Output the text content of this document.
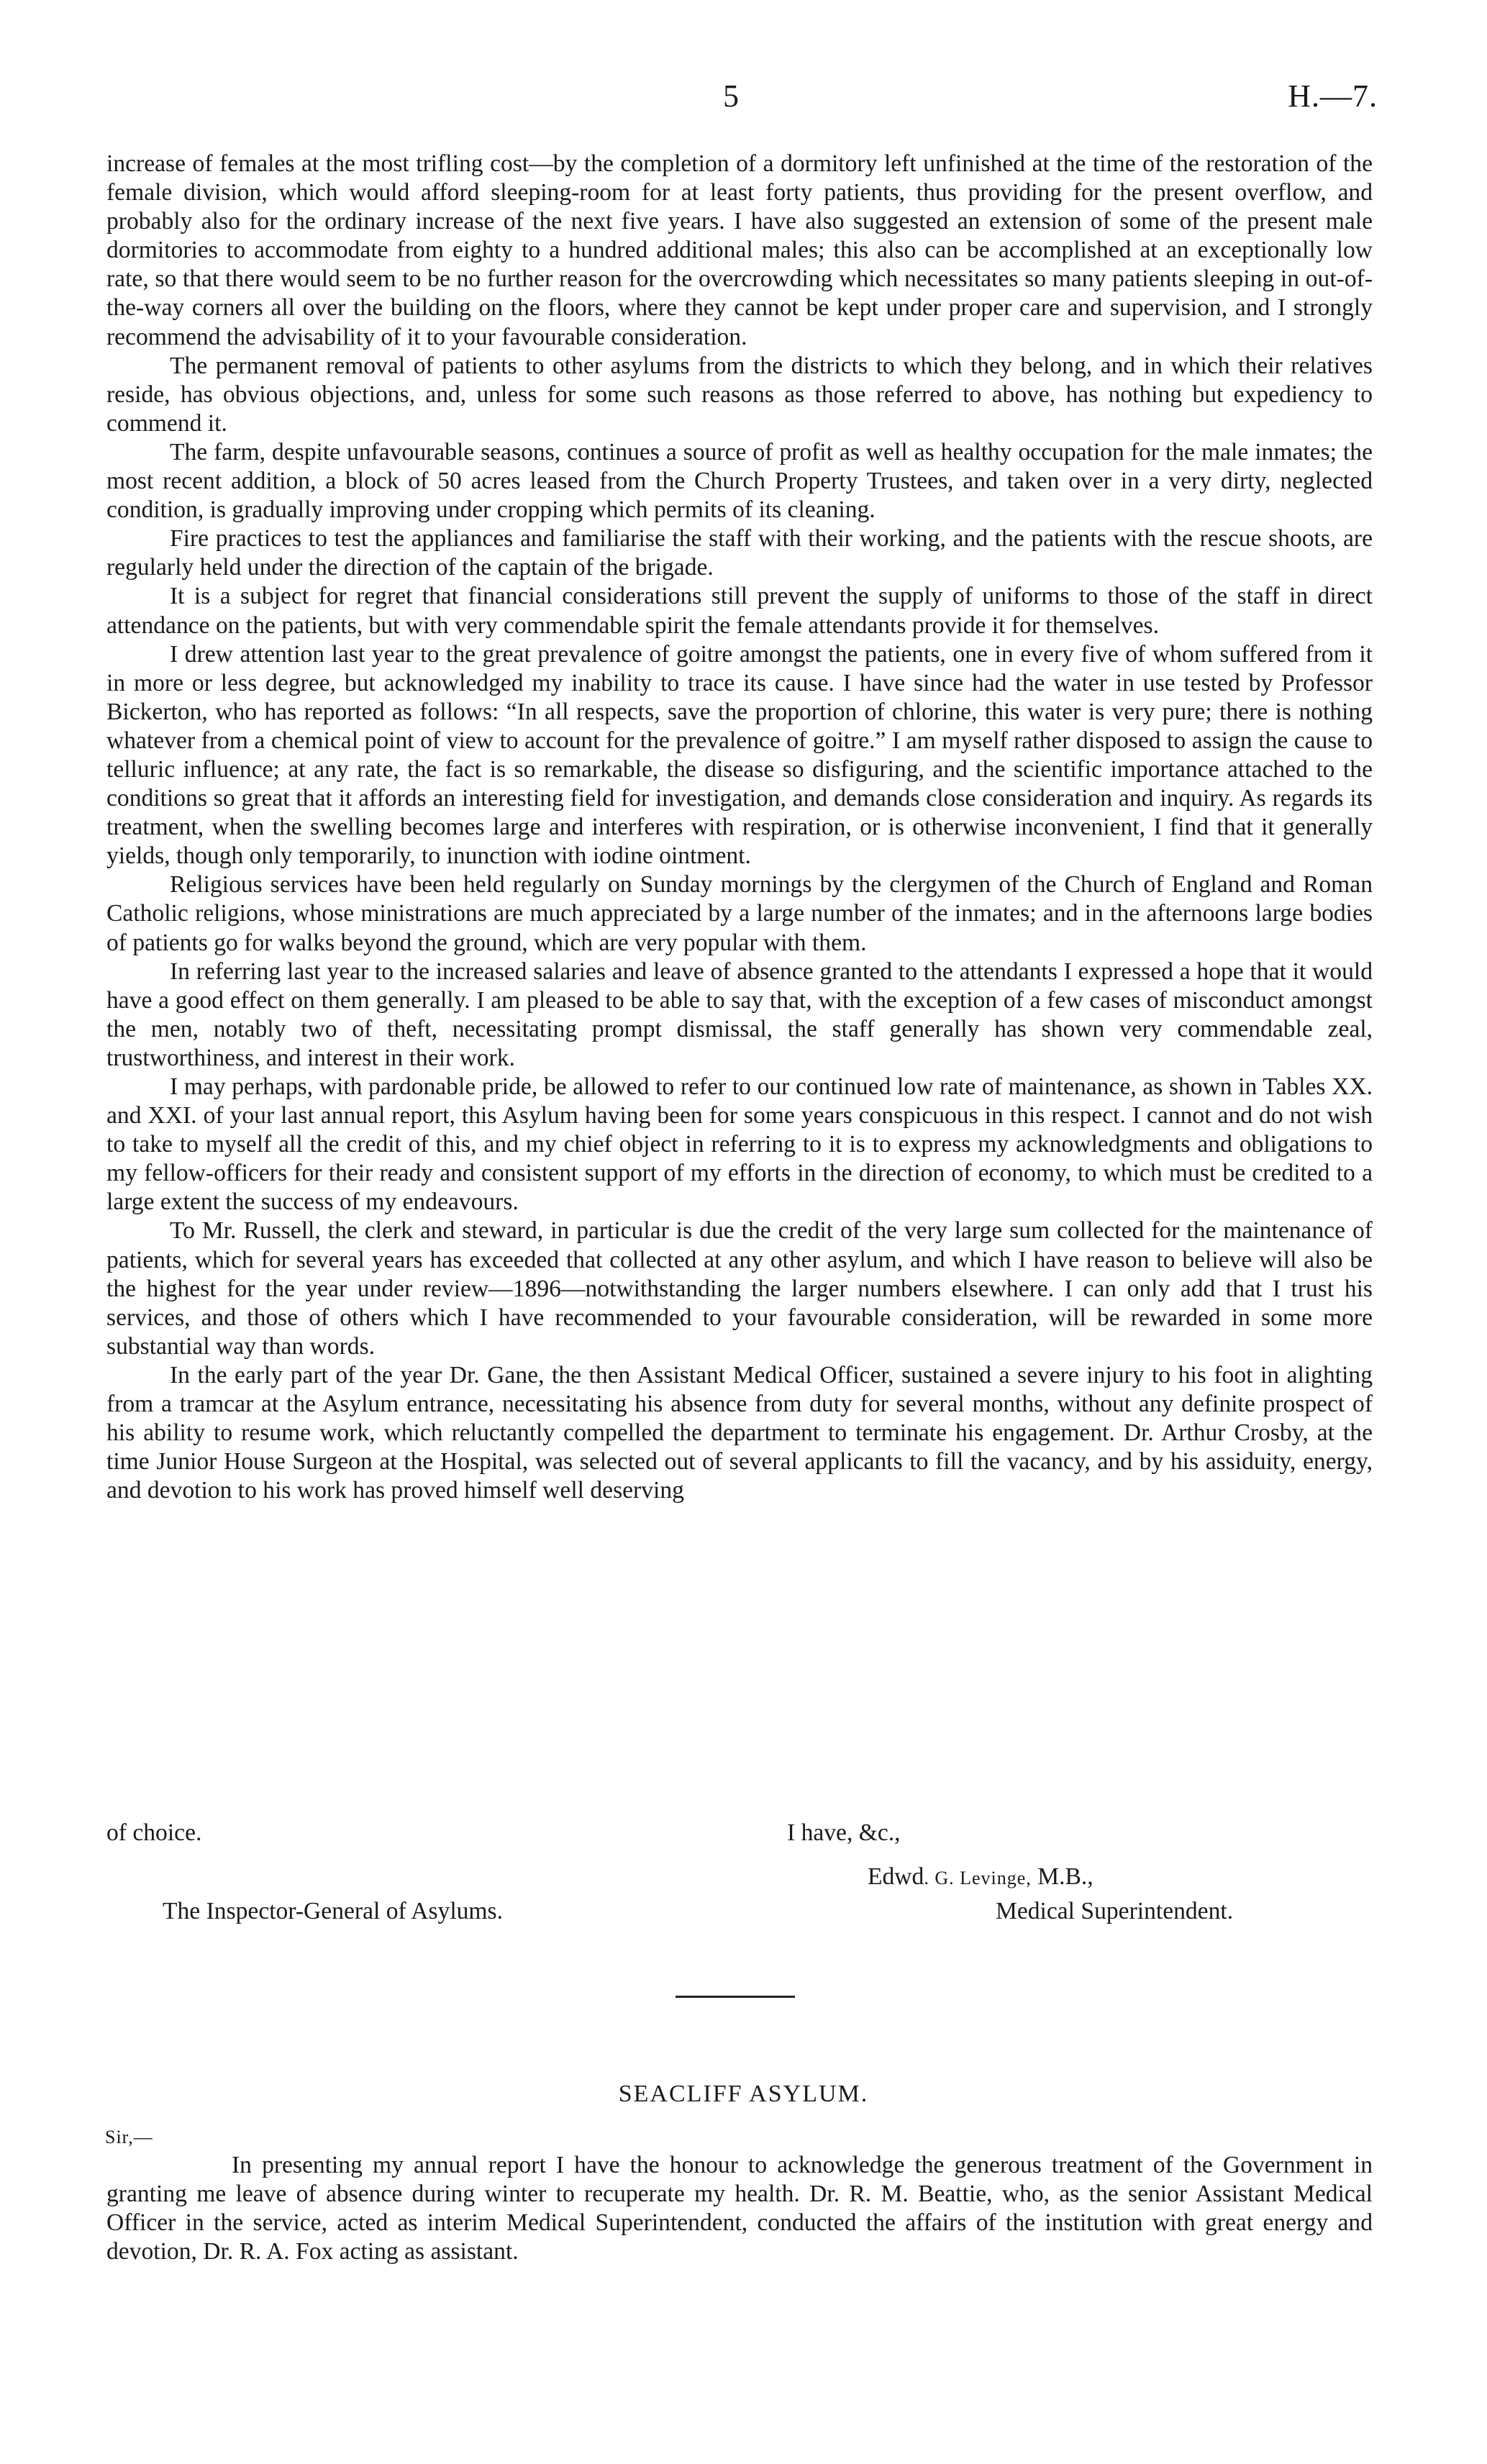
5	H.—7.

increase of females at the most trifling cost—by the completion of a dormitory left unfinished at the time of the restoration of the female division, which would afford sleeping-room for at least forty patients, thus providing for the present overflow, and probably also for the ordinary increase of the next five years. I have also suggested an extension of some of the present male dormitories to accommodate from eighty to a hundred additional males; this also can be accomplished at an exceptionally low rate, so that there would seem to be no further reason for the overcrowding which necessitates so many patients sleeping in out-of-the-way corners all over the building on the floors, where they cannot be kept under proper care and supervision, and I strongly recommend the advisability of it to your favourable consideration.

The permanent removal of patients to other asylums from the districts to which they belong, and in which their relatives reside, has obvious objections, and, unless for some such reasons as those referred to above, has nothing but expediency to commend it.

The farm, despite unfavourable seasons, continues a source of profit as well as healthy occupation for the male inmates; the most recent addition, a block of 50 acres leased from the Church Property Trustees, and taken over in a very dirty, neglected condition, is gradually improving under cropping which permits of its cleaning.

Fire practices to test the appliances and familiarise the staff with their working, and the patients with the rescue shoots, are regularly held under the direction of the captain of the brigade.

It is a subject for regret that financial considerations still prevent the supply of uniforms to those of the staff in direct attendance on the patients, but with very commendable spirit the female attendants provide it for themselves.

I drew attention last year to the great prevalence of goitre amongst the patients, one in every five of whom suffered from it in more or less degree, but acknowledged my inability to trace its cause. I have since had the water in use tested by Professor Bickerton, who has reported as follows: “In all respects, save the proportion of chlorine, this water is very pure; there is nothing whatever from a chemical point of view to account for the prevalence of goitre.” I am myself rather disposed to assign the cause to telluric influence; at any rate, the fact is so remarkable, the disease so disfiguring, and the scientific importance attached to the conditions so great that it affords an interesting field for investigation, and demands close consideration and inquiry. As regards its treatment, when the swelling becomes large and interferes with respiration, or is otherwise inconvenient, I find that it generally yields, though only temporarily, to inunction with iodine ointment.

Religious services have been held regularly on Sunday mornings by the clergymen of the Church of England and Roman Catholic religions, whose ministrations are much appreciated by a large number of the inmates; and in the afternoons large bodies of patients go for walks beyond the ground, which are very popular with them.

In referring last year to the increased salaries and leave of absence granted to the attendants I expressed a hope that it would have a good effect on them generally. I am pleased to be able to say that, with the exception of a few cases of misconduct amongst the men, notably two of theft, necessitating prompt dismissal, the staff generally has shown very commendable zeal, trustworthiness, and interest in their work.

I may perhaps, with pardonable pride, be allowed to refer to our continued low rate of maintenance, as shown in Tables XX. and XXI. of your last annual report, this Asylum having been for some years conspicuous in this respect. I cannot and do not wish to take to myself all the credit of this, and my chief object in referring to it is to express my acknowledgments and obligations to my fellow-officers for their ready and consistent support of my efforts in the direction of economy, to which must be credited to a large extent the success of my endeavours.

To Mr. Russell, the clerk and steward, in particular is due the credit of the very large sum collected for the maintenance of patients, which for several years has exceeded that collected at any other asylum, and which I have reason to believe will also be the highest for the year under review—1896—notwithstanding the larger numbers elsewhere. I can only add that I trust his services, and those of others which I have recommended to your favourable consideration, will be rewarded in some more substantial way than words.

In the early part of the year Dr. Gane, the then Assistant Medical Officer, sustained a severe injury to his foot in alighting from a tramcar at the Asylum entrance, necessitating his absence from duty for several months, without any definite prospect of his ability to resume work, which reluctantly compelled the department to terminate his engagement. Dr. Arthur Crosby, at the time Junior House Surgeon at the Hospital, was selected out of several applicants to fill the vacancy, and by his assiduity, energy, and devotion to his work has proved himself well deserving

of choice.	I have, &c.,
Edwd. G. Levinge, M.B.,
The Inspector-General of Asylums.	Medical Superintendent.
SEACLIFF ASYLUM.
Sir,—

In presenting my annual report I have the honour to acknowledge the generous treatment of the Government in granting me leave of absence during winter to recuperate my health. Dr. R. M. Beattie, who, as the senior Assistant Medical Officer in the service, acted as interim Medical Superintendent, conducted the affairs of the institution with great energy and devotion, Dr. R. A. Fox acting as assistant.
